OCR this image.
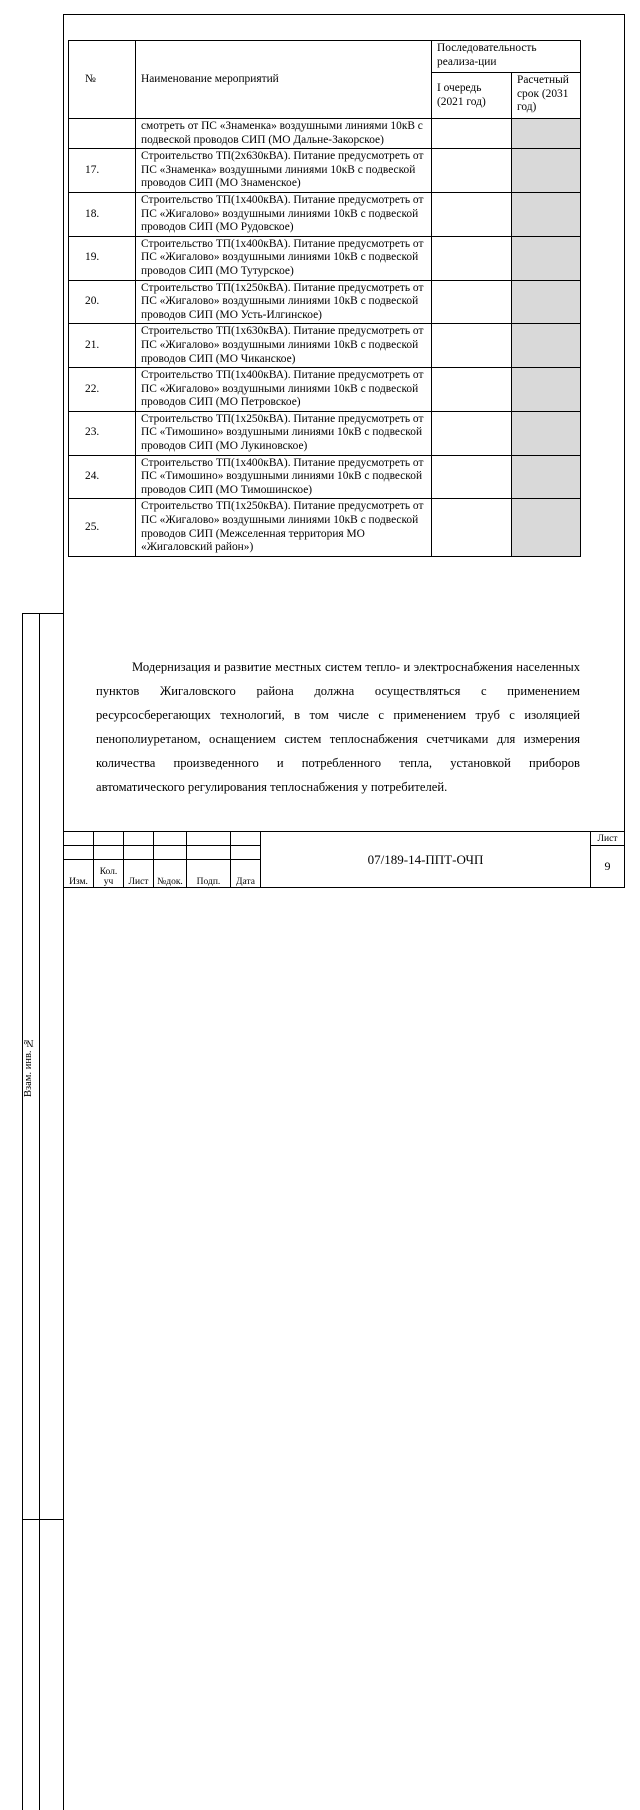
№	Наименование мероприятий	Последовательность реализа-ции	
		I очередь (2021 год)	Расчетный срок (2031 год)
	смотреть от ПС «Знаменка» воздушными линиями 10кВ с подвеской проводов СИП (МО Дальне-Закорское)		
17.	Строительство ТП(2х630кВА). Питание предусмотреть от ПС «Знаменка» воздушными линиями 10кВ с подвеской проводов СИП (МО Знаменское)		
18.	Строительство ТП(1х400кВА). Питание предусмотреть от ПС «Жигалово» воздушными линиями 10кВ с подвеской проводов СИП (МО Рудовское)		
19.	Строительство ТП(1х400кВА). Питание предусмотреть от ПС «Жигалово» воздушными линиями 10кВ с подвеской проводов СИП (МО Тутурское)		
20.	Строительство ТП(1х250кВА). Питание предусмотреть от ПС «Жигалово» воздушными линиями 10кВ с подвеской проводов СИП (МО Усть-Илгинское)		
21.	Строительство ТП(1х630кВА). Питание предусмотреть от ПС «Жигалово» воздушными линиями 10кВ с подвеской проводов СИП (МО Чиканское)		
22.	Строительство ТП(1х400кВА). Питание предусмотреть от ПС «Жигалово» воздушными линиями 10кВ с подвеской проводов СИП (МО Петровское)		
23.	Строительство ТП(1х250кВА). Питание предусмотреть от ПС «Тимошино» воздушными линиями 10кВ с подвеской проводов СИП (МО Лукиновское)		
24.	Строительство ТП(1х400кВА). Питание предусмотреть от ПС «Тимошино» воздушными линиями 10кВ с подвеской проводов СИП (МО Тимошинское)		
25.	Строительство ТП(1х250кВА). Питание предусмотреть от ПС «Жигалово» воздушными линиями 10кВ с подвеской проводов СИП (Межселенная территория МО «Жигаловский район»)		

Модернизация и развитие местных систем тепло- и электроснабжения населенных пунктов Жигаловского района должна осуществляться с применением ресурсосберегающих технологий, в том числе с применением труб с изоляцией пенополиуретаном, оснащением систем теплоснабжения счетчиками для измерения количества произведенного и потребленного тепла, установкой приборов автоматического регулирования теплоснабжения у потребителей.

Взам. инв. №	

						07/189-14-ППТ-ОЧП	Лист
							9
Изм.	Кол. уч	Лист	№док.	Подп.	Дата		
